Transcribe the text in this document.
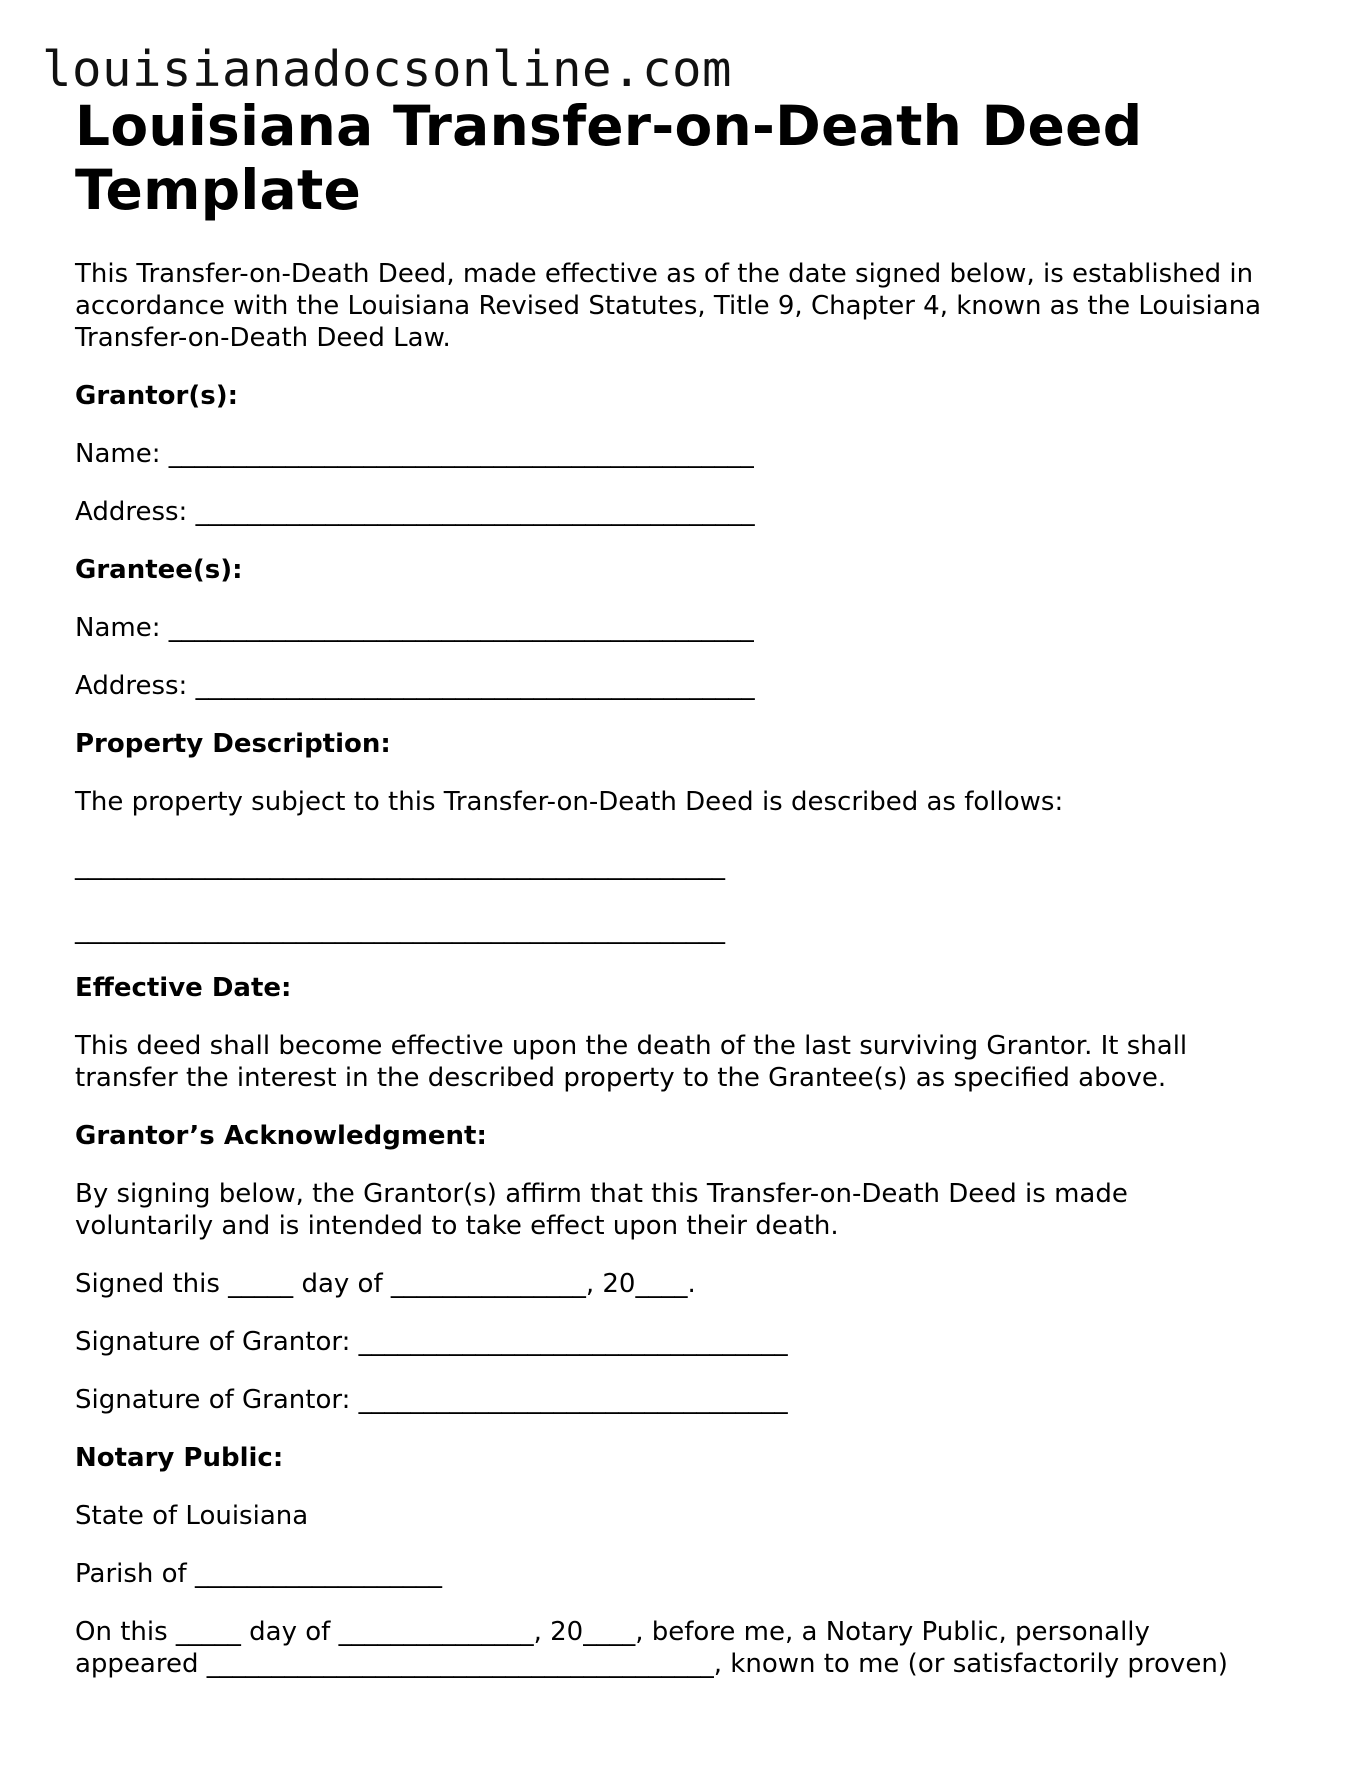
louisianadocsonline.com
Louisiana Transfer-on-Death Deed Template

This Transfer-on-Death Deed, made effective as of the date signed below, is established in

accordance with the Louisiana Revised Statutes, Title 9, Chapter 4, known as the Louisiana

Transfer-on-Death Deed Law.

Grantor(s):

Name: _____________________________________________

Address: ___________________________________________

Grantee(s):

Name: _____________________________________________

Address: ___________________________________________

Property Description:

The property subject to this Transfer-on-Death Deed is described as follows:

__________________________________________________

__________________________________________________

Effective Date:

This deed shall become effective upon the death of the last surviving Grantor. It shall

transfer the interest in the described property to the Grantee(s) as specified above.

Grantor’s Acknowledgment:

By signing below, the Grantor(s) affirm that this Transfer-on-Death Deed is made

voluntarily and is intended to take effect upon their death.

Signed this _____ day of _______________, 20____.

Signature of Grantor: _________________________________

Signature of Grantor: _________________________________

Notary Public:

State of Louisiana

Parish of ___________________

On this _____ day of _______________, 20____, before me, a Notary Public, personally

appeared _______________________________________, known to me (or satisfactorily proven)
